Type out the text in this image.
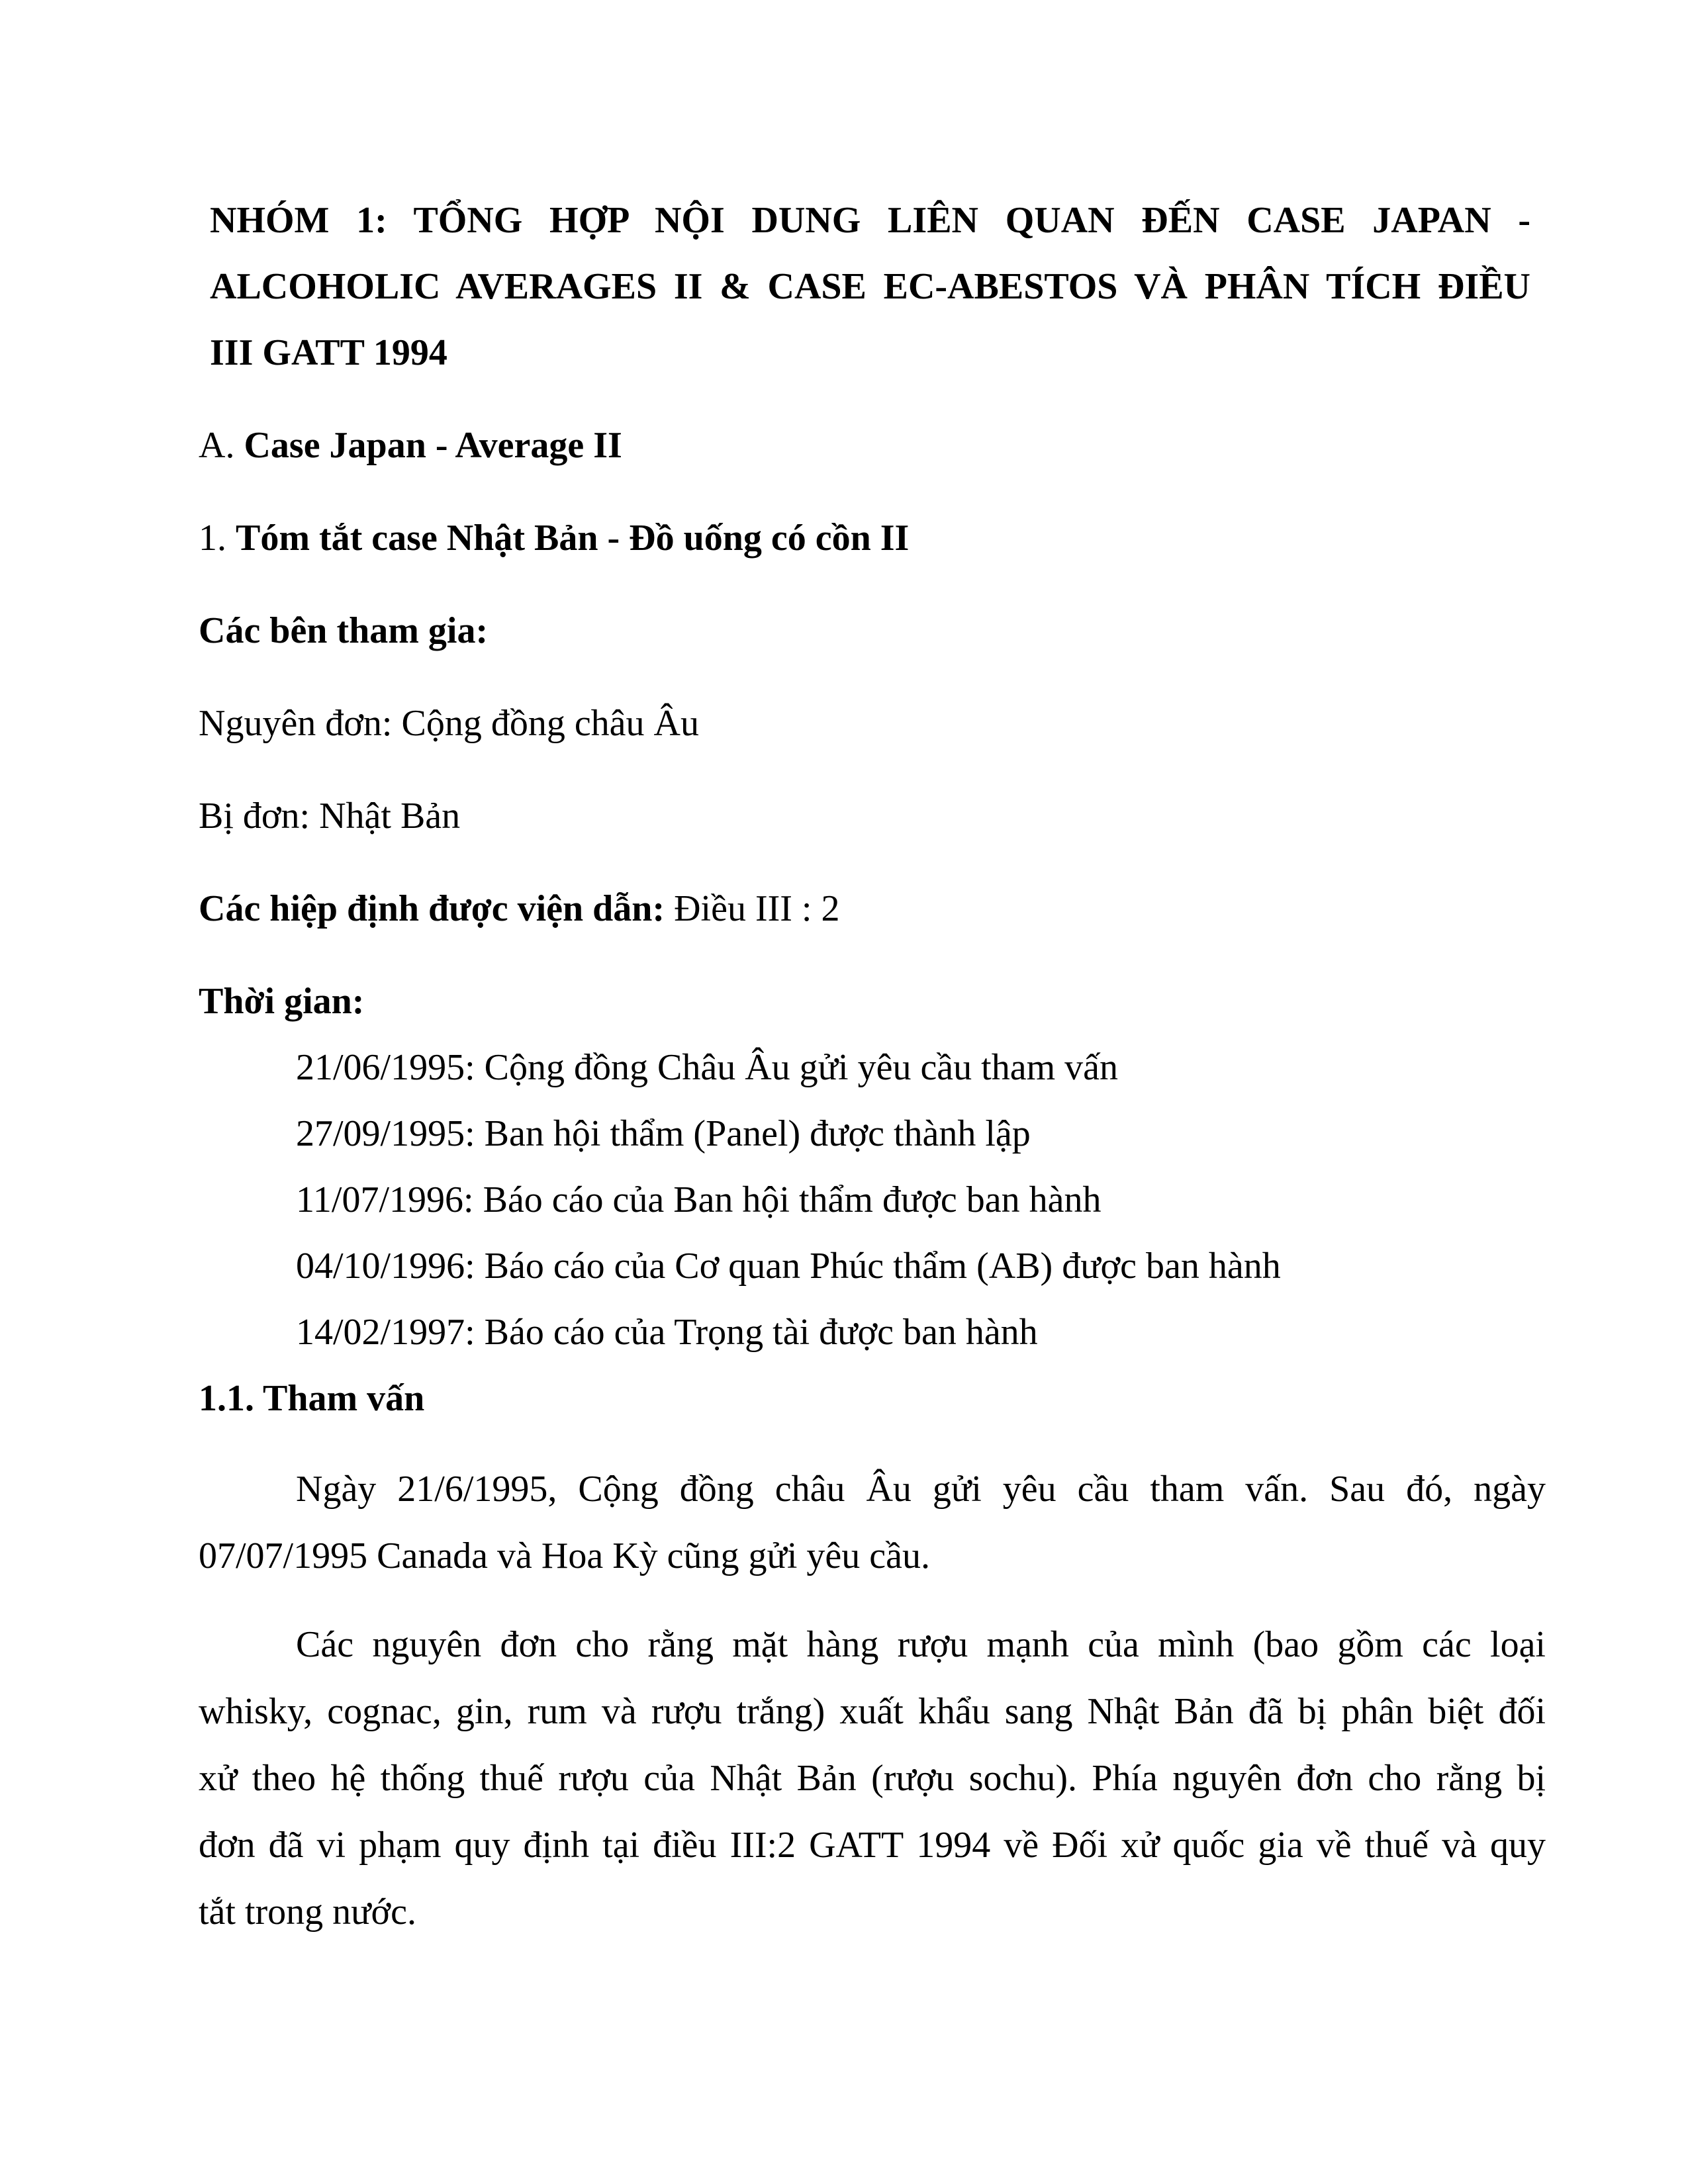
NHÓM 1: TỔNG HỢP NỘI DUNG LIÊN QUAN ĐẾN CASE JAPAN -
ALCOHOLIC AVERAGES II & CASE EC-ABESTOS VÀ PHÂN TÍCH ĐIỀU
III GATT 1994
A. Case Japan - Average II
1. Tóm tắt case Nhật Bản - Đồ uống có cồn II
Các bên tham gia:
Nguyên đơn: Cộng đồng châu Âu
Bị đơn: Nhật Bản
Các hiệp định được viện dẫn: Điều III : 2
Thời gian:
21/06/1995: Cộng đồng Châu Âu gửi yêu cầu tham vấn
27/09/1995: Ban hội thẩm (Panel) được thành lập
11/07/1996: Báo cáo của Ban hội thẩm được ban hành
04/10/1996: Báo cáo của Cơ quan Phúc thẩm (AB) được ban hành
14/02/1997: Báo cáo của Trọng tài được ban hành
1.1. Tham vấn
Ngày 21/6/1995, Cộng đồng châu Âu gửi yêu cầu tham vấn. Sau đó, ngày
07/07/1995 Canada và Hoa Kỳ cũng gửi yêu cầu.
Các nguyên đơn cho rằng mặt hàng rượu mạnh của mình (bao gồm các loại
whisky, cognac, gin, rum và rượu trắng) xuất khẩu sang Nhật Bản đã bị phân biệt đối
xử theo hệ thống thuế rượu của Nhật Bản (rượu sochu). Phía nguyên đơn cho rằng bị
đơn đã vi phạm quy định tại điều III:2 GATT 1994 về Đối xử quốc gia về thuế và quy
tắt trong nước.
